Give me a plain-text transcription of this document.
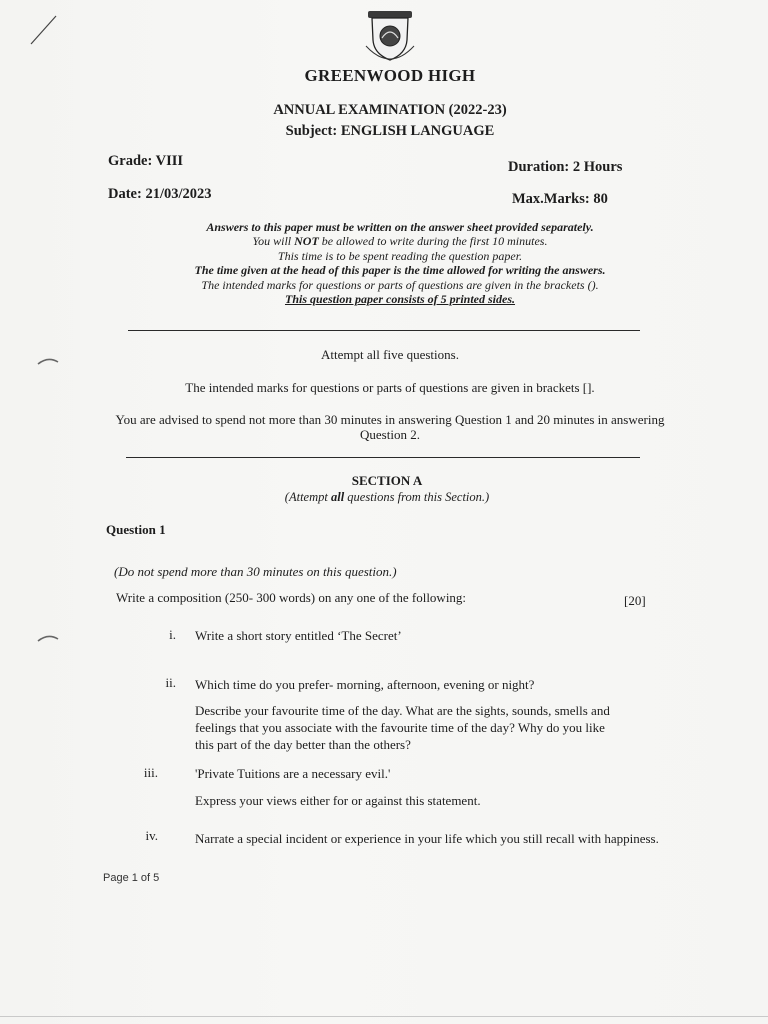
GREENWOOD HIGH
ANNUAL EXAMINATION (2022-23)
Subject: ENGLISH LANGUAGE
Grade: VIII	Duration: 2 Hours
Date: 21/03/2023	Max.Marks: 80
Answers to this paper must be written on the answer sheet provided separately.
You will NOT be allowed to write during the first 10 minutes.
This time is to be spent reading the question paper.
The time given at the head of this paper is the time allowed for writing the answers.
The intended marks for questions or parts of questions are given in the brackets ().
This question paper consists of 5 printed sides.
Attempt all five questions.
The intended marks for questions or parts of questions are given in brackets [].
You are advised to spend not more than 30 minutes in answering Question 1 and 20 minutes in answering Question 2.
SECTION A
(Attempt all questions from this Section.)
Question 1
(Do not spend more than 30 minutes on this question.)
Write a composition (250- 300 words) on any one of the following:	[20]
i. Write a short story entitled ‘The Secret’
ii. Which time do you prefer- morning, afternoon, evening or night?
Describe your favourite time of the day. What are the sights, sounds, smells and feelings that you associate with the favourite time of the day? Why do you like this part of the day better than the others?
iii.	'Private Tuitions are a necessary evil.'
Express your views either for or against this statement.
iv.	Narrate a special incident or experience in your life which you still recall with happiness.
Page 1 of 5
